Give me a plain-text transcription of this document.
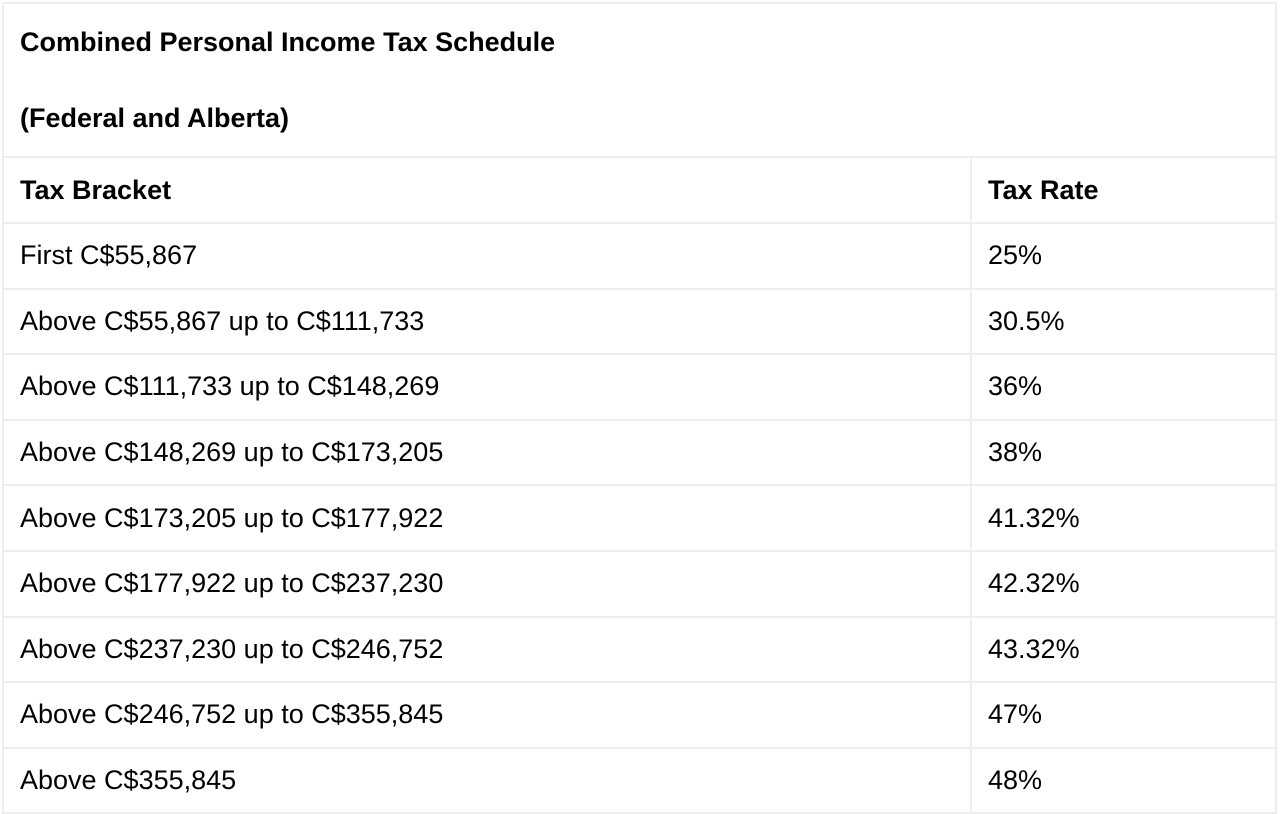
Combined Personal Income Tax Schedule
(Federal and Alberta)	

Tax Bracket	Tax Rate
First C$55,867	25%
Above C$55,867 up to C$111,733	30.5%
Above C$111,733 up to C$148,269	36%
Above C$148,269 up to C$173,205	38%
Above C$173,205 up to C$177,922	41.32%
Above C$177,922 up to C$237,230	42.32%
Above C$237,230 up to C$246,752	43.32%
Above C$246,752 up to C$355,845	47%
Above C$355,845	48%
